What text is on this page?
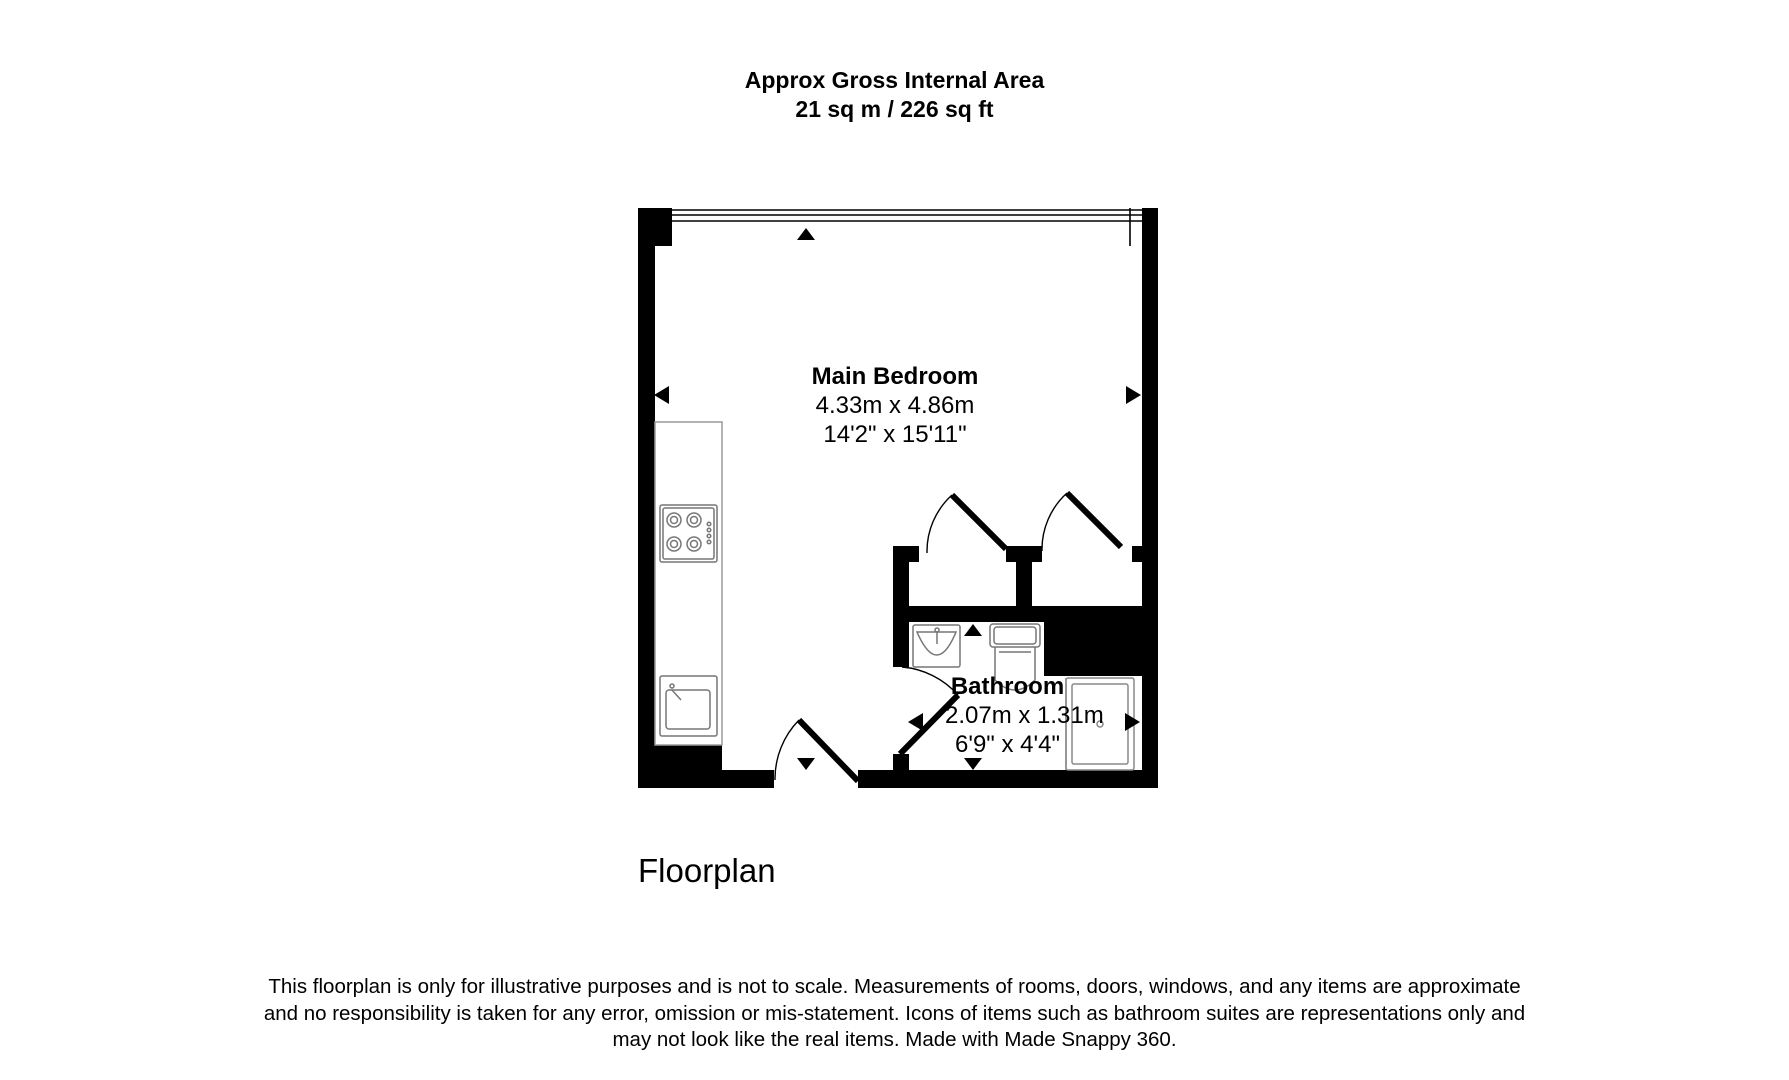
Approx Gross Internal Area
21 sq m / 226 sq ft
Main Bedroom
4.33m x 4.86m
14'2" x 15'11"
Bathroom
2.07m x 1.31m
6'9" x 4'4"
Floorplan
This floorplan is only for illustrative purposes and is not to scale. Measurements of rooms, doors, windows, and any items are approximate
and no responsibility is taken for any error, omission or mis-statement. Icons of items such as bathroom suites are representations only and
may not look like the real items. Made with Made Snappy 360.
